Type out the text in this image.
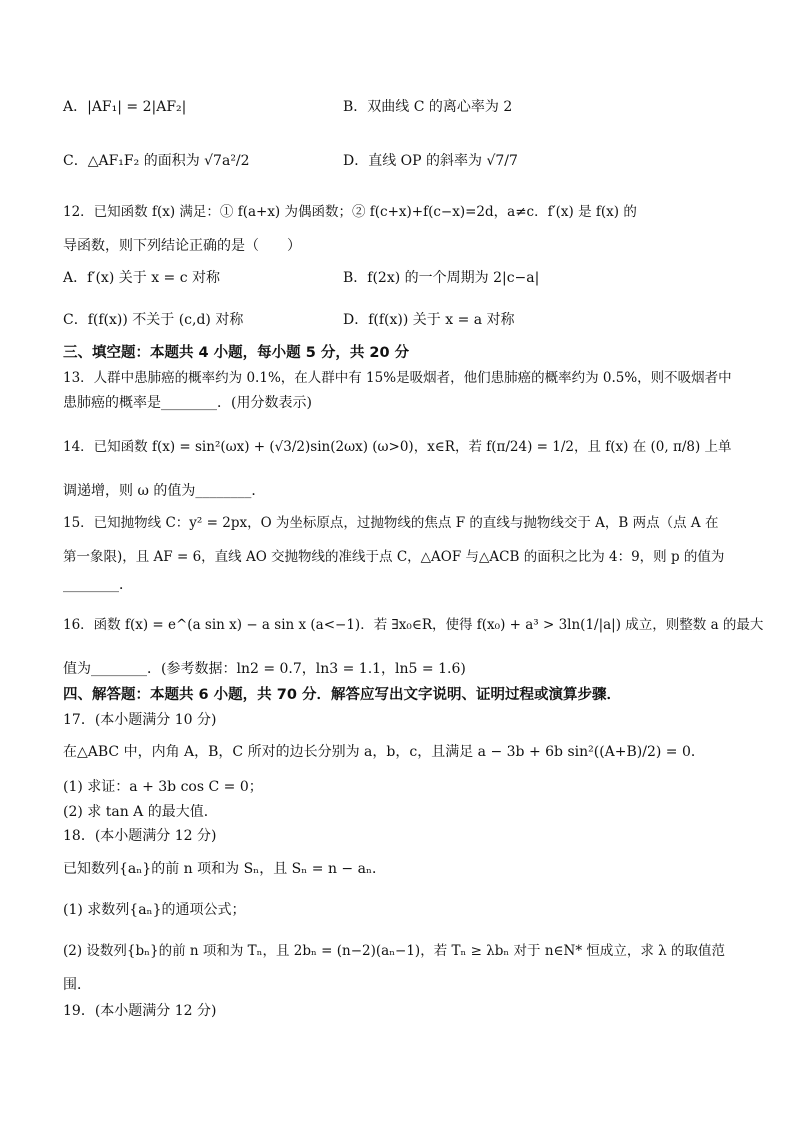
A．|AF₁| = 2|AF₂|	B．双曲线 C 的离心率为 2
C．△AF₁F₂ 的面积为 √7a²/2	D．直线 OP 的斜率为 √7/7
12．已知函数 f(x) 满足：① f(a+x) 为偶函数；② f(c+x)+f(c−x)=2d，a≠c．f′(x) 是 f(x) 的
导函数，则下列结论正确的是（　　）
A．f′(x) 关于 x = c 对称	B．f(2x) 的一个周期为 2|c−a|
C．f(f(x)) 不关于 (c,d) 对称	D．f(f(x)) 关于 x = a 对称
三、填空题：本题共 4 小题，每小题 5 分，共 20 分
13．人群中患肺癌的概率约为 0.1%，在人群中有 15%是吸烟者，他们患肺癌的概率约为 0.5%，则不吸烟者中
患肺癌的概率是________．(用分数表示)
14．已知函数 f(x) = sin²(ωx) + (√3/2)sin(2ωx) (ω>0)，x∈R，若 f(π/24) = 1/2，且 f(x) 在 (0, π/8) 上单
调递增，则 ω 的值为________．
15．已知抛物线 C：y² = 2px，O 为坐标原点，过抛物线的焦点 F 的直线与抛物线交于 A，B 两点（点 A 在
第一象限)，且 AF = 6，直线 AO 交抛物线的准线于点 C，△AOF 与△ACB 的面积之比为 4：9，则 p 的值为
________．
16．函数 f(x) = e^(a sin x) − a sin x (a<−1)．若 ∃x₀∈R，使得 f(x₀) + a³ > 3ln(1/|a|) 成立，则整数 a 的最大
值为________．(参考数据：ln2 = 0.7，ln3 = 1.1，ln5 = 1.6)
四、解答题：本题共 6 小题，共 70 分．解答应写出文字说明、证明过程或演算步骤．
17．(本小题满分 10 分)
在△ABC 中，内角 A，B，C 所对的边长分别为 a，b，c，且满足 a − 3b + 6b sin²((A+B)/2) = 0．
(1) 求证：a + 3b cos C = 0；
(2) 求 tan A 的最大值．
18．(本小题满分 12 分)
已知数列{aₙ}的前 n 项和为 Sₙ，且 Sₙ = n − aₙ．
(1) 求数列{aₙ}的通项公式；
(2) 设数列{bₙ}的前 n 项和为 Tₙ，且 2bₙ = (n−2)(aₙ−1)，若 Tₙ ≥ λbₙ 对于 n∈N* 恒成立，求 λ 的取值范
围．
19．(本小题满分 12 分)
